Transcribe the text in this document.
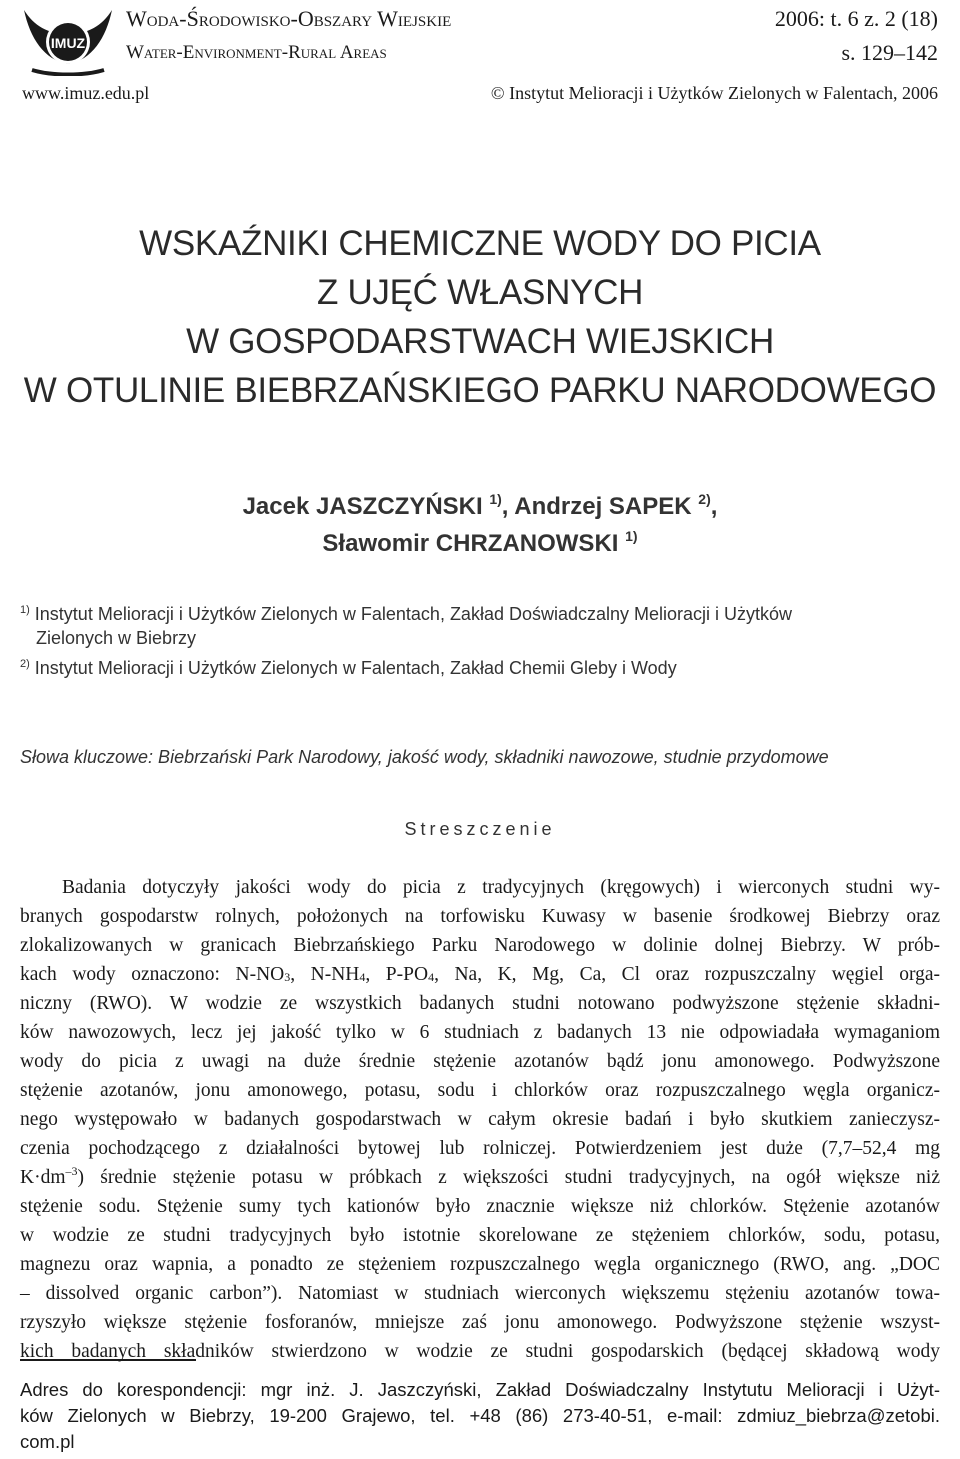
IMUZ
Woda-Środowisko-Obszary Wiejskie
Water-Environment-Rural Areas
2006: t. 6 z. 2 (18)
s. 129–142
www.imuz.edu.pl	© Instytut Melioracji i Użytków Zielonych w Falentach, 2006
WSKAŹNIKI CHEMICZNE WODY DO PICIA
Z UJĘĆ WŁASNYCH
W GOSPODARSTWACH WIEJSKICH
W OTULINIE BIEBRZAŃSKIEGO PARKU NARODOWEGO
Jacek JASZCZYŃSKI $^{1)}$, Andrzej SAPEK $^{2)}$,
Sławomir CHRZANOWSKI $^{1)}$
$^{1)}$ Instytut Melioracji i Użytków Zielonych w Falentach, Zakład Doświadczalny Melioracji i Użytków
Zielonych w Biebrzy
$^{2)}$ Instytut Melioracji i Użytków Zielonych w Falentach, Zakład Chemii Gleby i Wody
Słowa kluczowe: Biebrzański Park Narodowy, jakość wody, składniki nawozowe, studnie przydomowe
Streszczenie
Badania dotyczyły jakości wody do picia z tradycyjnych (kręgowych) i wierconych studni wy-
branych gospodarstw rolnych, położonych na torfowisku Kuwasy w basenie środkowej Biebrzy oraz
zlokalizowanych w granicach Biebrzańskiego Parku Narodowego w dolinie dolnej Biebrzy. W prób-
kach wody oznaczono: $N-NO_3$, $N-NH_4$, $P-PO_4$, Na, K, Mg, Ca, Cl oraz rozpuszczalny węgiel orga-
niczny (RWO). W wodzie ze wszystkich badanych studni notowano podwyższone stężenie składni-
ków nawozowych, lecz jej jakość tylko w 6 studniach z badanych 13 nie odpowiadała wymaganiom
wody do picia z uwagi na duże średnie stężenie azotanów bądź jonu amonowego. Podwyższone
stężenie azotanów, jonu amonowego, potasu, sodu i chlorków oraz rozpuszczalnego węgla organicz-
nego występowało w badanych gospodarstwach w całym okresie badań i było skutkiem zanieczysz-
czenia pochodzącego z działalności bytowej lub rolniczej. Potwierdzeniem jest duże (7,7–52,4 mg
$K\cdot dm^{-3}$) średnie stężenie potasu w próbkach z większości studni tradycyjnych, na ogół większe niż
stężenie sodu. Stężenie sumy tych kationów było znacznie większe niż chlorków. Stężenie azotanów
w wodzie ze studni tradycyjnych było istotnie skorelowane ze stężeniem chlorków, sodu, potasu,
magnezu oraz wapnia, a ponadto ze stężeniem rozpuszczalnego węgla organicznego (RWO, ang. „DOC
– dissolved organic carbon”). Natomiast w studniach wierconych większemu stężeniu azotanów towa-
rzyszyło większe stężenie fosforanów, mniejsze zaś jonu amonowego. Podwyższone stężenie wszyst-
kich badanych składników stwierdzono w wodzie ze studni gospodarskich (będącej składową wody
Adres do korespondencji: mgr inż. J. Jaszczyński, Zakład Doświadczalny Instytutu Melioracji i Użyt-
ków Zielonych w Biebrzy, 19-200 Grajewo, tel. +48 (86) 273-40-51, e-mail: zdmiuz_biebrza@zetobi.
com.pl
